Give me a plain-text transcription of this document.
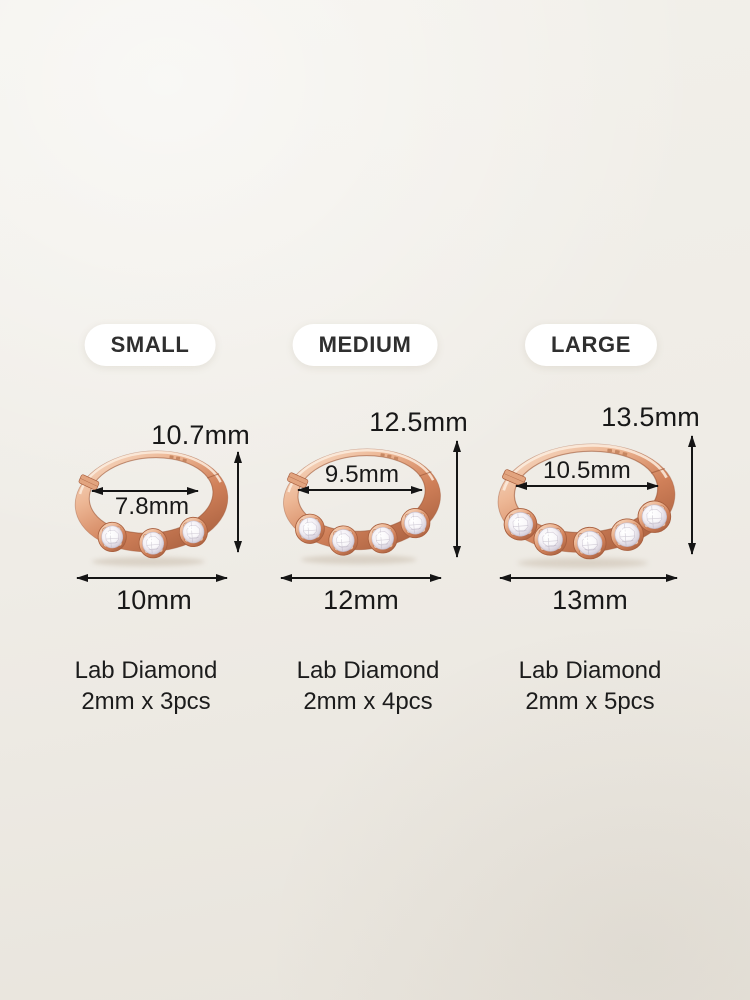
SMALL
10.7mm
7.8mm
10mm
Lab Diamond
2mm x 3pcs
MEDIUM
12.5mm
9.5mm
12mm
Lab Diamond
2mm x 4pcs
LARGE
13.5mm
10.5mm
13mm
Lab Diamond
2mm x 5pcs
